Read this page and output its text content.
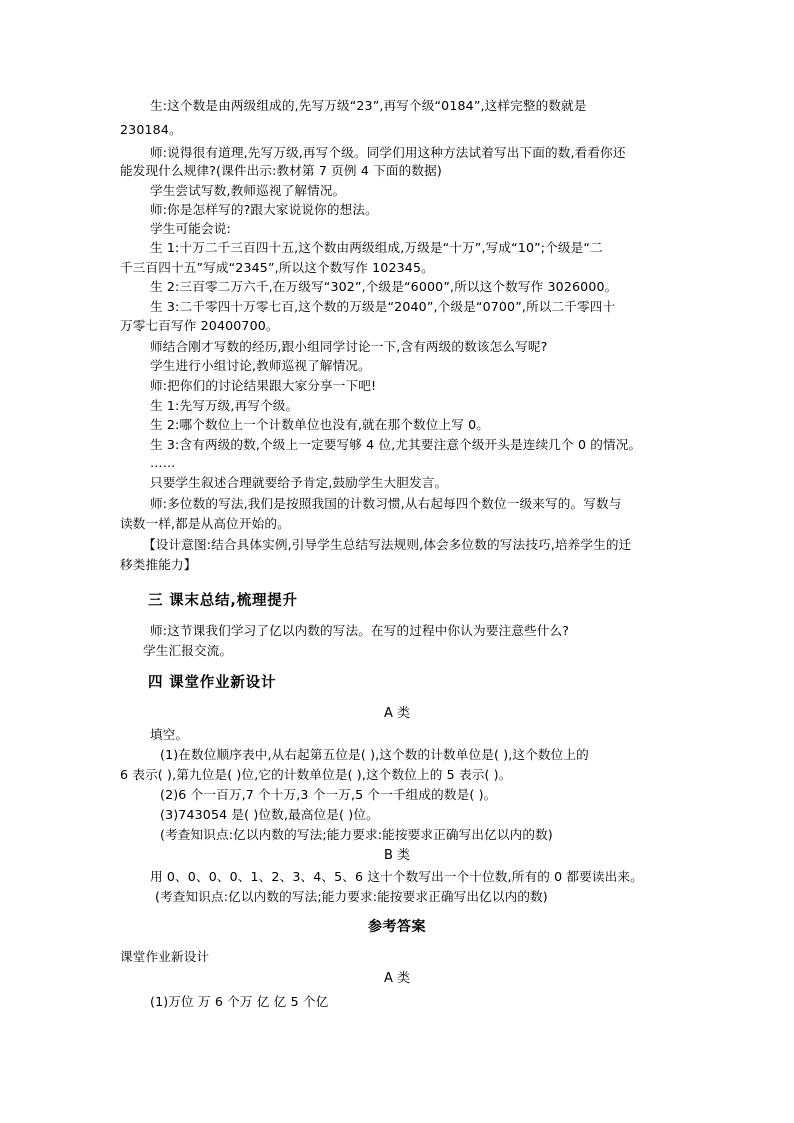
生:这个数是由两级组成的,先写万级“23”,再写个级“0184”,这样完整的数就是
230184。
师:说得很有道理,先写万级,再写个级。同学们用这种方法试着写出下面的数,看看你还
能发现什么规律?(课件出示:教材第 7 页例 4 下面的数据)
学生尝试写数,教师巡视了解情况。
师:你是怎样写的?跟大家说说你的想法。
学生可能会说:
生 1:十万二千三百四十五,这个数由两级组成,万级是“十万”,写成“10”;个级是“二
千三百四十五”写成“2345”,所以这个数写作 102345。
生 2:三百零二万六千,在万级写“302”,个级是“6000”,所以这个数写作 3026000。
生 3:二千零四十万零七百,这个数的万级是“2040”,个级是“0700”,所以二千零四十
万零七百写作 20400700。
师结合刚才写数的经历,跟小组同学讨论一下,含有两级的数该怎么写呢?
学生进行小组讨论,教师巡视了解情况。
师:把你们的讨论结果跟大家分享一下吧!
生 1:先写万级,再写个级。
生 2:哪个数位上一个计数单位也没有,就在那个数位上写 0。
生 3:含有两级的数,个级上一定要写够 4 位,尤其要注意个级开头是连续几个 0 的情况。
……
只要学生叙述合理就要给予肯定,鼓励学生大胆发言。
师:多位数的写法,我们是按照我国的计数习惯,从右起每四个数位一级来写的。写数与
读数一样,都是从高位开始的。
【设计意图:结合具体实例,引导学生总结写法规则,体会多位数的写法技巧,培养学生的迁
移类推能力】
三 课末总结,梳理提升
师:这节课我们学习了亿以内数的写法。在写的过程中你认为要注意些什么?
学生汇报交流。
四 课堂作业新设计
A 类
填空。
(1)在数位顺序表中,从右起第五位是( ),这个数的计数单位是( ),这个数位上的
6 表示( ),第九位是( )位,它的计数单位是( ),这个数位上的 5 表示( )。
(2)6 个一百万,7 个十万,3 个一万,5 个一千组成的数是( )。
(3)743054 是( )位数,最高位是( )位。
(考查知识点:亿以内数的写法;能力要求:能按要求正确写出亿以内的数)
B 类
用 0、0、0、0、1、2、3、4、5、6 这十个数写出一个十位数,所有的 0 都要读出来。
(考查知识点:亿以内数的写法;能力要求:能按要求正确写出亿以内的数)
参考答案
课堂作业新设计
A 类
(1)万位 万 6 个万 亿 亿 5 个亿
